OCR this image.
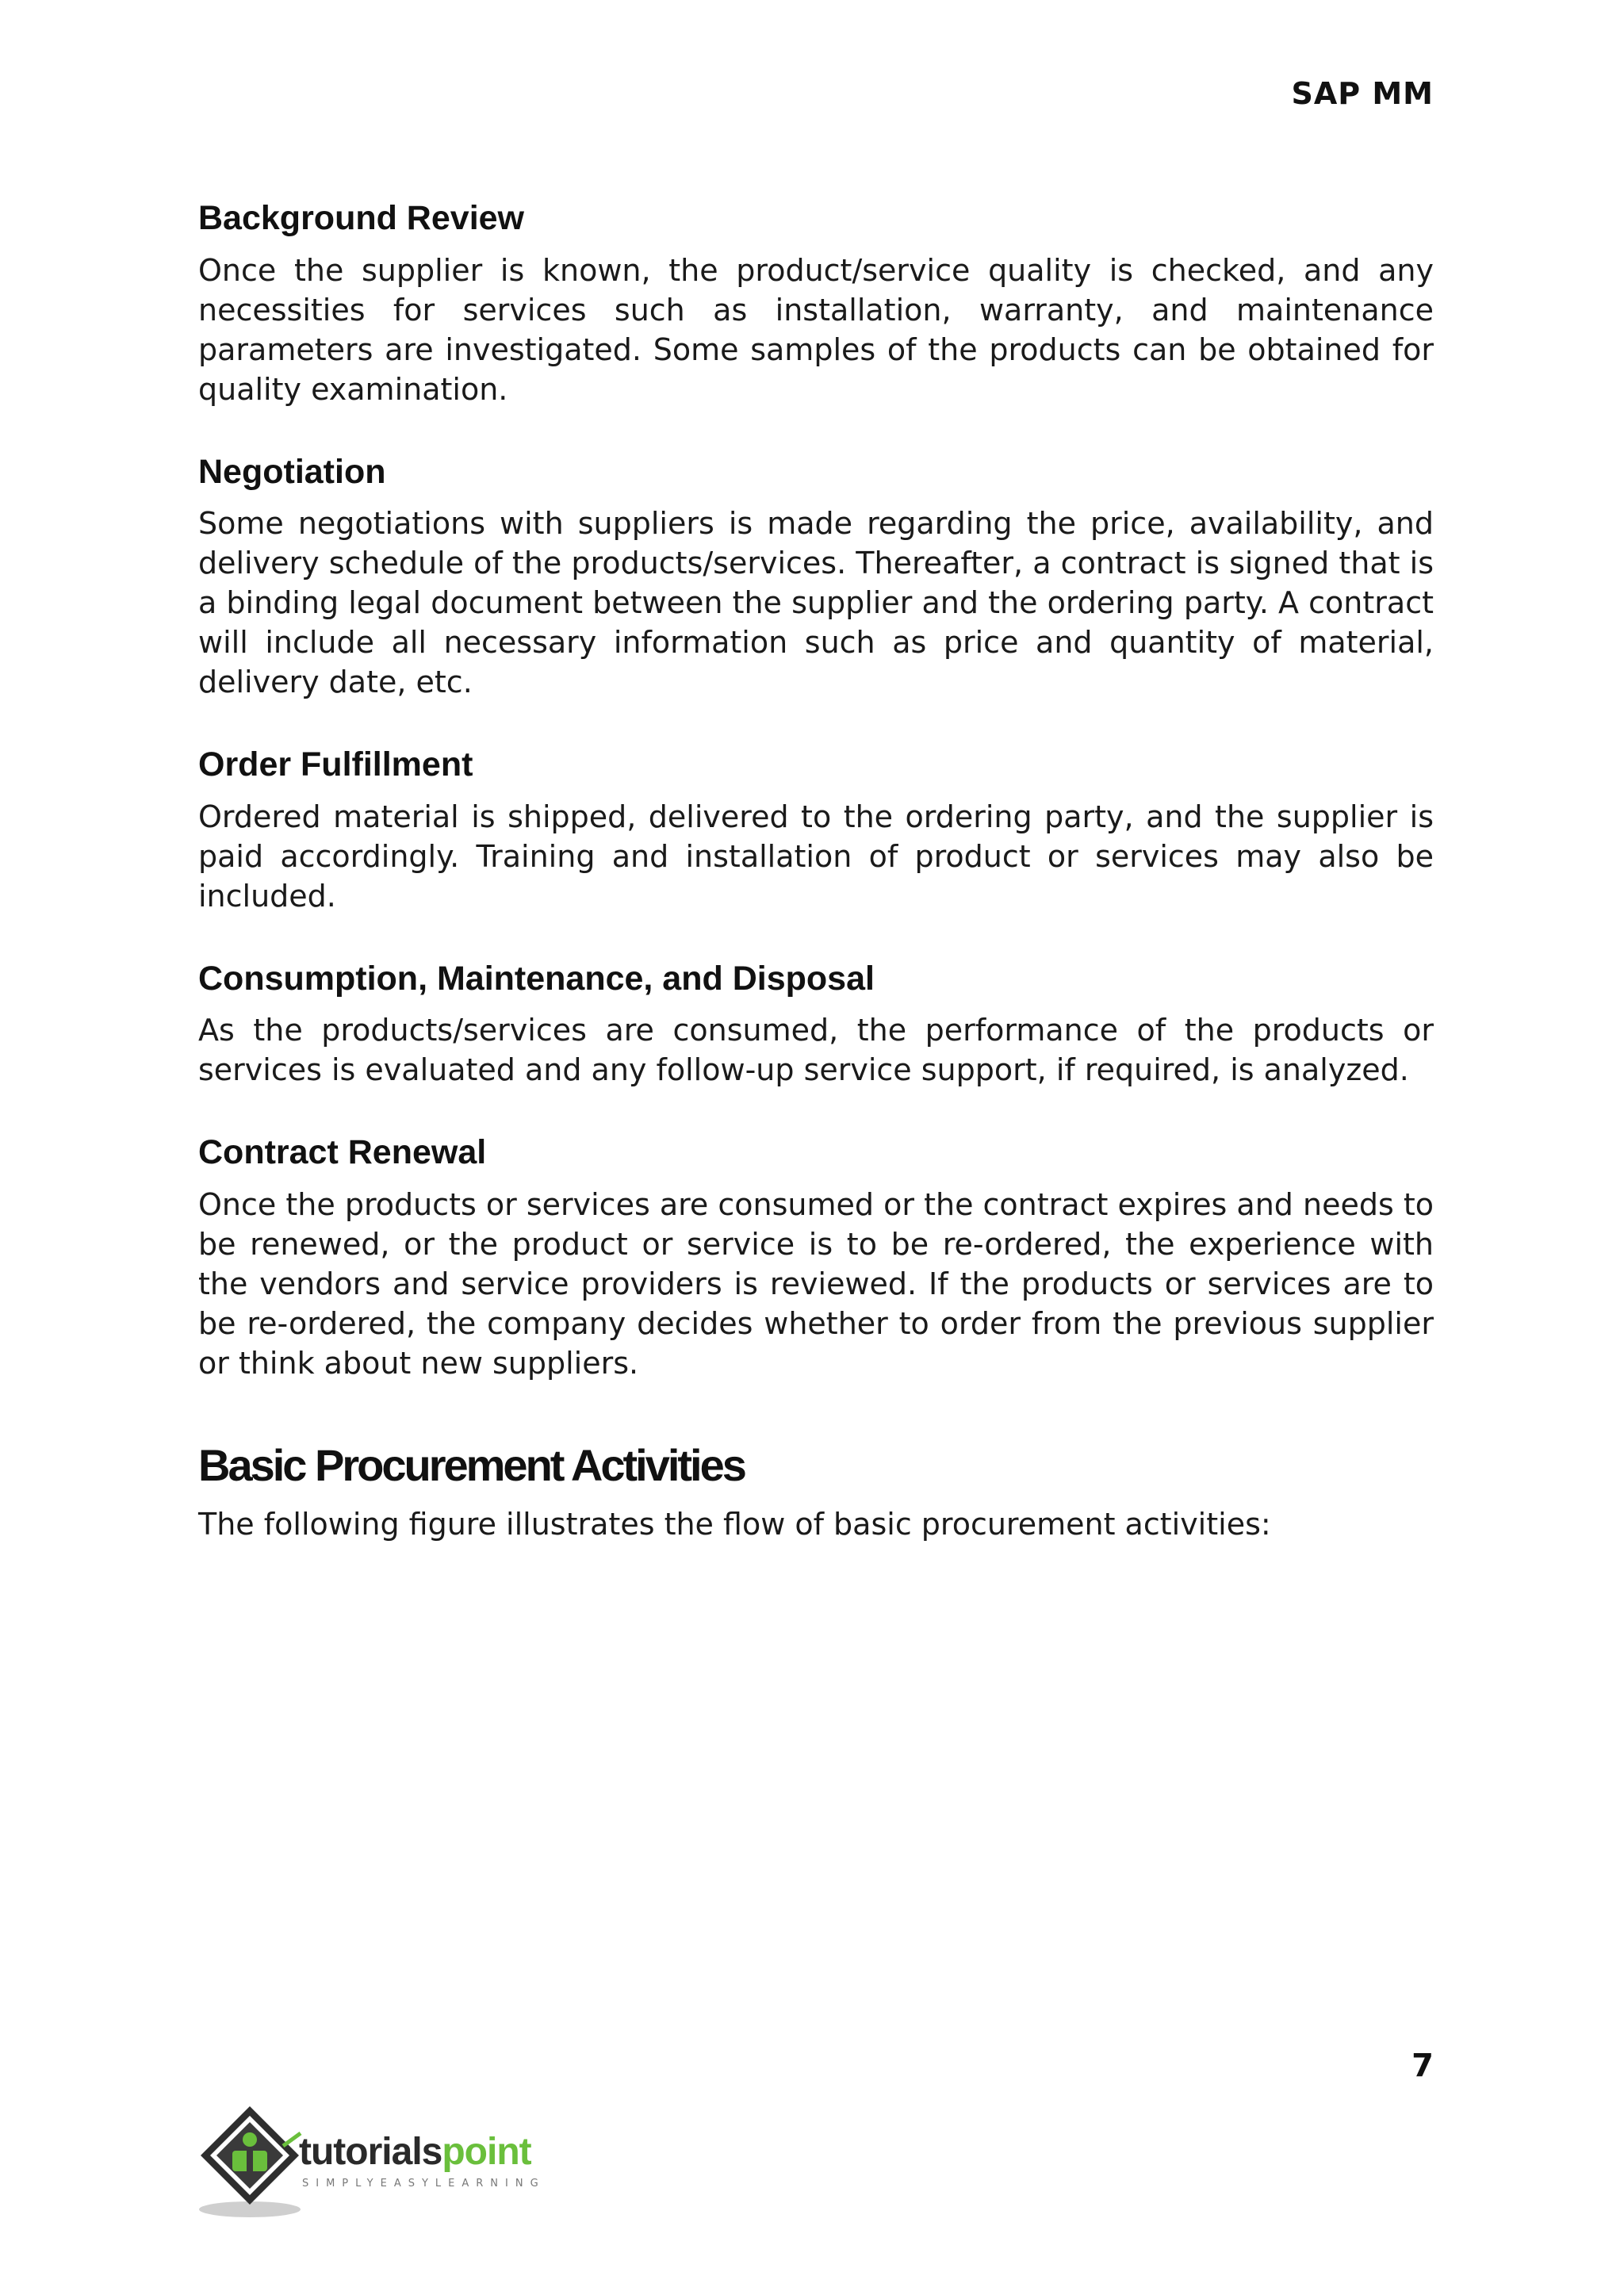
SAP MM
Background Review

Once the supplier is known, the product/service quality is checked, and any necessities for services such as installation, warranty, and maintenance parameters are investigated. Some samples of the products can be obtained for quality examination.

Negotiation

Some negotiations with suppliers is made regarding the price, availability, and delivery schedule of the products/services. Thereafter, a contract is signed that is a binding legal document between the supplier and the ordering party. A contract will include all necessary information such as price and quantity of material, delivery date, etc.

Order Fulfillment

Ordered material is shipped, delivered to the ordering party, and the supplier is paid accordingly. Training and installation of product or services may also be included.

Consumption, Maintenance, and Disposal

As the products/services are consumed, the performance of the products or services is evaluated and any follow-up service support, if required, is analyzed.

Contract Renewal

Once the products or services are consumed or the contract expires and needs to be renewed, or the product or service is to be re-ordered, the experience with the vendors and service providers is reviewed. If the products or services are to be re-ordered, the company decides whether to order from the previous supplier or think about new suppliers.

Basic Procurement Activities

The following figure illustrates the flow of basic procurement activities:

7
tutorialspoint
SIMPLYEASYLEARNING
